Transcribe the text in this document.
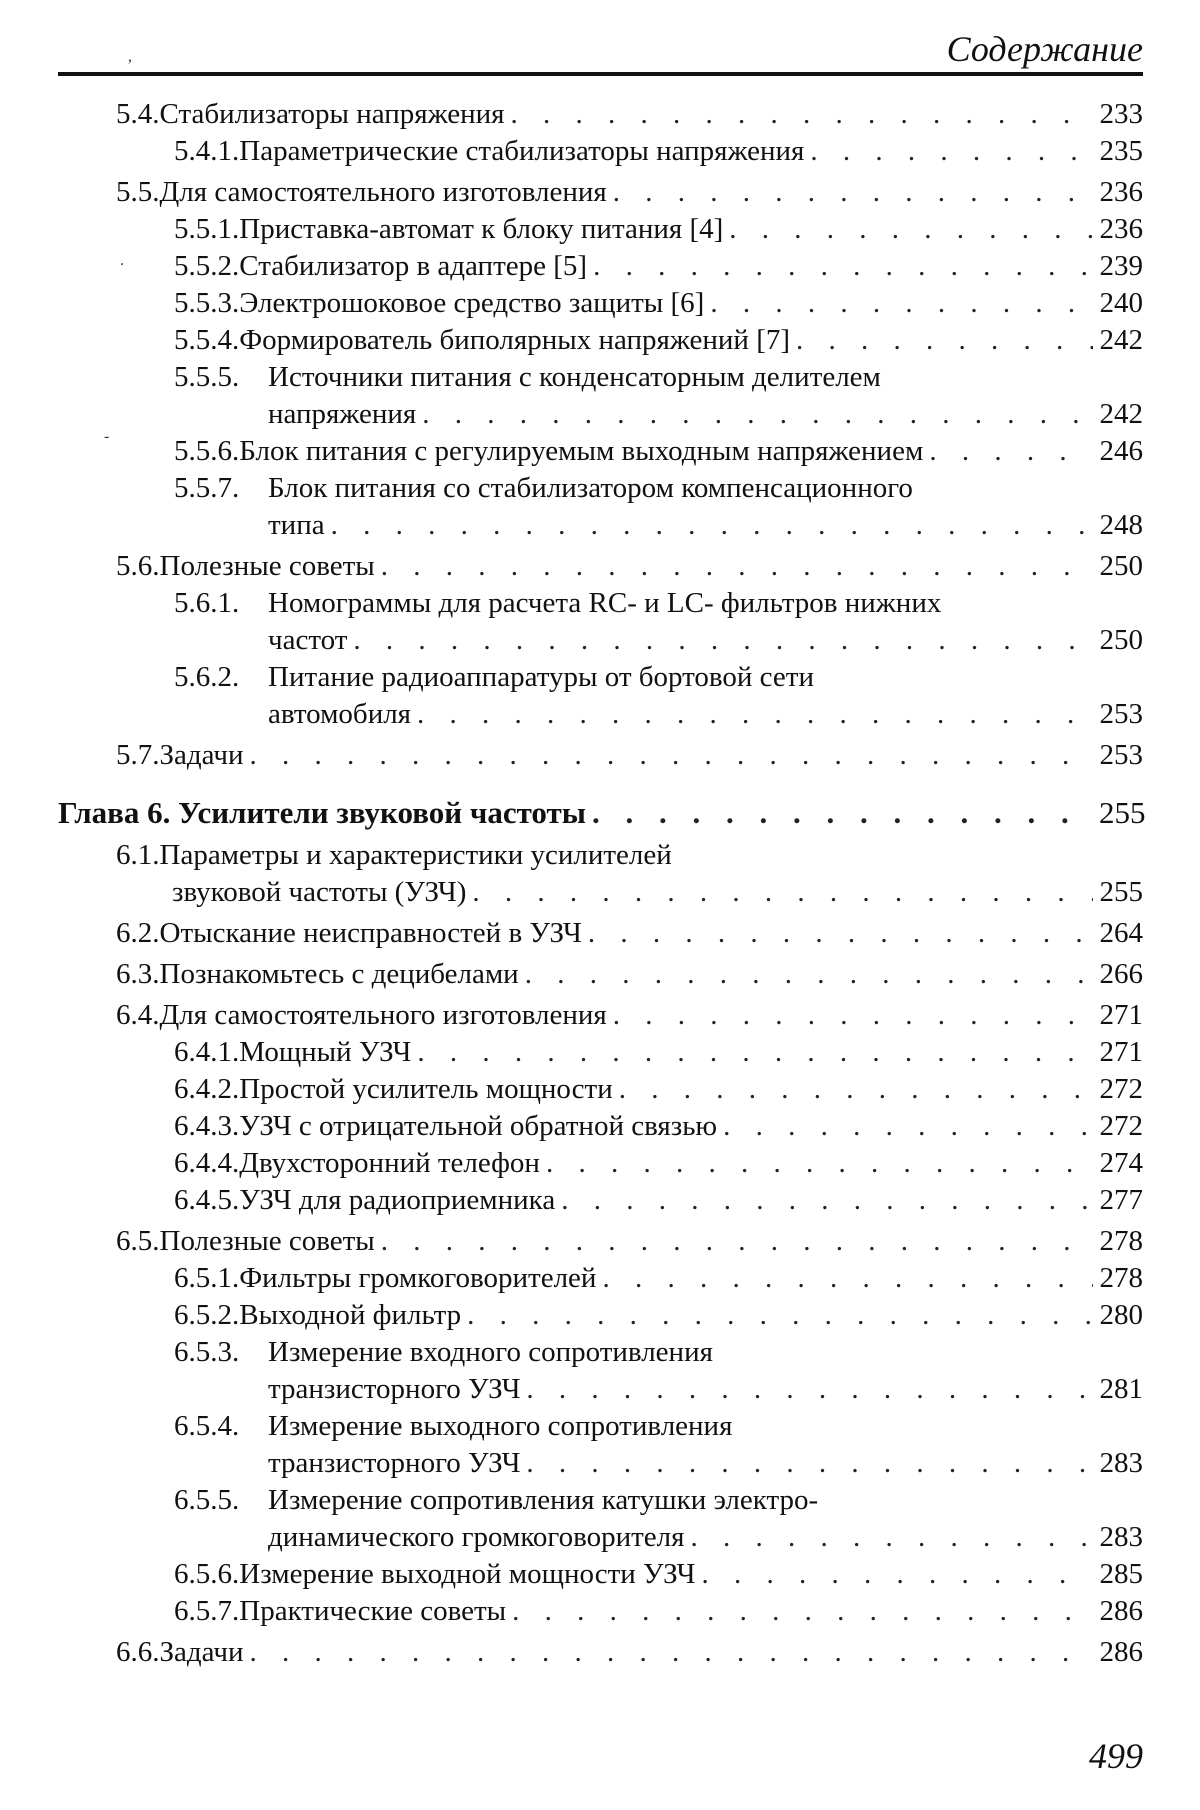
Содержание
,
-
.
5.4. Стабилизаторы напряжения . . .	233
5.4.1. Параметрические стабилизаторы напряжения . . .	235
5.5. Для самостоятельного изготовления . . .	236
5.5.1. Приставка-автомат к блоку питания [4] . . .	236
5.5.2. Стабилизатор в адаптере [5] . . .	239
5.5.3. Электрошоковое средство защиты [6] . . .	240
5.5.4. Формирователь биполярных напряжений [7] . . .	242
5.5.5. Источники питания с конденсаторным делителем
напряжения . . .	242
5.5.6. Блок питания с регулируемым выходным напряжением . . .	246
5.5.7. Блок питания со стабилизатором компенсационного
типа . . .	248
5.6. Полезные советы . . .	250
5.6.1. Номограммы для расчета RC- и LC- фильтров нижних
частот . . .	250
5.6.2. Питание радиоаппаратуры от бортовой сети
автомобиля . . .	253
5.7. Задачи . . .	253
Глава 6. Усилители звуковой частоты . . .	255
6.1. Параметры и характеристики усилителей
звуковой частоты (УЗЧ) . . .	255
6.2. Отыскание неисправностей в УЗЧ . . .	264
6.3. Познакомьтесь с децибелами . . .	266
6.4. Для самостоятельного изготовления . . .	271
6.4.1. Мощный УЗЧ . . .	271
6.4.2. Простой усилитель мощности . . .	272
6.4.3. УЗЧ с отрицательной обратной связью . . .	272
6.4.4. Двухсторонний телефон . . .	274
6.4.5. УЗЧ для радиоприемника . . .	277
6.5. Полезные советы . . .	278
6.5.1. Фильтры громкоговорителей . . .	278
6.5.2. Выходной фильтр . . .	280
6.5.3. Измерение входного сопротивления
транзисторного УЗЧ . . .	281
6.5.4. Измерение выходного сопротивления
транзисторного УЗЧ . . .	283
6.5.5. Измерение сопротивления катушки электро-
динамического громкоговорителя . . .	283
6.5.6. Измерение выходной мощности УЗЧ . . .	285
6.5.7. Практические советы . . .	286
6.6. Задачи . . .	286
499
